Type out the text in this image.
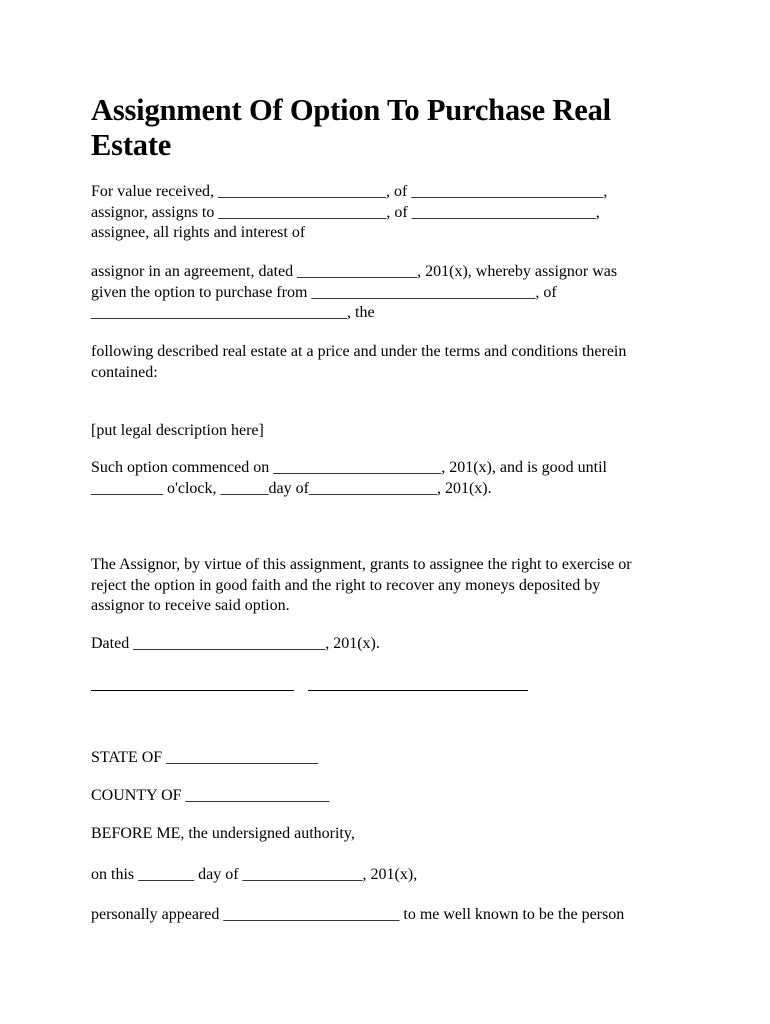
Assignment Of Option To Purchase Real
Estate
For value received, _____________________, of ________________________,
assignor, assigns to _____________________, of _______________________,
assignee, all rights and interest of
assignor in an agreement, dated _______________, 201(x), whereby assignor was
given the option to purchase from ____________________________, of
________________________________, the
following described real estate at a price and under the terms and conditions therein
contained:
[put legal description here]
Such option commenced on _____________________, 201(x), and is good until
_________ o'clock, ______day of________________, 201(x).
The Assignor, by virtue of this assignment, grants to assignee the right to exercise or
reject the option in good faith and the right to recover any moneys deposited by
assignor to receive said option.
Dated ________________________, 201(x).
STATE OF ___________________
COUNTY OF __________________
BEFORE ME, the undersigned authority,
on this _______ day of _______________, 201(x),
personally appeared ______________________ to me well known to be the person
